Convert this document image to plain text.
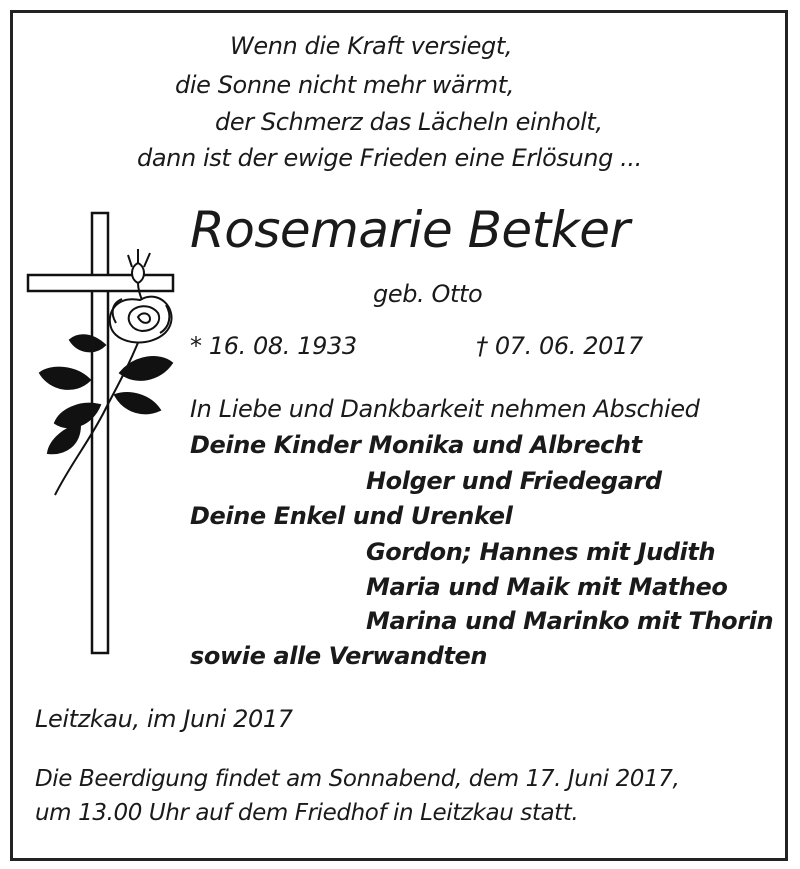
Wenn die Kraft versiegt,
die Sonne nicht mehr wärmt,
der Schmerz das Lächeln einholt,
dann ist der ewige Frieden eine Erlösung ...
Rosemarie Betker
geb. Otto
* 16. 08. 1933	† 07. 06. 2017
In Liebe und Dankbarkeit nehmen Abschied
Deine Kinder Monika und Albrecht
Holger und Friedegard
Deine Enkel und Urenkel
Gordon; Hannes mit Judith
Maria und Maik mit Matheo
Marina und Marinko mit Thorin
sowie alle Verwandten
Leitzkau, im Juni 2017
Die Beerdigung findet am Sonnabend, dem 17. Juni 2017,
um 13.00 Uhr auf dem Friedhof in Leitzkau statt.
